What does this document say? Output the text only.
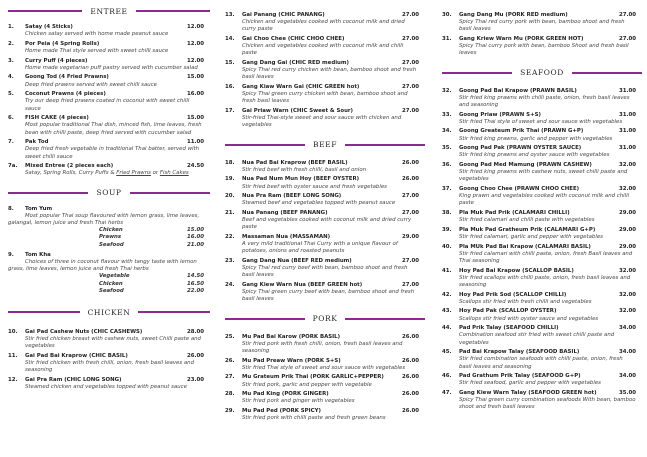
ENTREE
1.	Satay (4 Sticks)	12.00
Chicken satay served with home made peanut sauce
2.	Por Peia (4 Spring Rolls)	12.00
Home made Thai style served with sweet chilli sauce
3.	Curry Puff (4 pieces)	12.00
Home made vegetarian puff pastry served with cucumber salad
4.	Goong Tod (4 Fried Prawns)	15.00
Deep fried prawns served with sweet chilli sauce
5.	Coconut Prawns (4 pieces)	16.00
Try our deep fried prawns coated in coconut with sweet chilli sauce
6.	FISH CAKE (4 pieces)	15.00
Most popular traditional Thai dish, minced fish, lime leaves, fresh bean with chilli paste, deep fried served with cucumber salad
7.	Pak Tod	11.00
Deep fried fresh vegetable in traditional Thai batter, served with sweet chilli sauce
7a.	Mixed Entree (2 pieces each)	24.50
Satay, Spring Rolls, Curry Puffs & Fried Prawns or Fish Cakes
SOUP
8.	Tom Yum
Most popular Thai soup flavoured with lemon grass, lime leaves, galangal, lemon juice and fresh Thai herbs
Chicken	15.00
Prawns	16.00
Seafood	21.00
9.	Tom Kha
Choices of three in coconut flavour with tangy taste with lemon grass, lime leaves, lemon juice and fresh Thai herbs
Vegetable	14.50
Chicken	16.50
Seafood	22.00
CHICKEN
10.	Gai Pad Cashew Nuts (CHIC CASHEWS)	28.00
Stir fried chicken breast with cashew nuts, sweet Chilli paste and vegetables
11.	Gai Pad Bai Kraprow (CHIC BASIL)	26.00
Stir fried chicken with fresh chilli, onion, fresh basil leaves and seasoning
12.	Gai Pra Ram (CHIC LONG SONG)	23.00
Steamed chicken and vegetables topped with peanut sauce
13.	Gai Panang (CHIC PANANG)	27.00
Chicken and vegetables cooked with coconut milk and dried curry paste
14.	Gai Choo Chee (CHIC CHOO CHEE)	27.00
Chicken and vegetables cooked with coconut milk and chilli paste
15.	Gang Dang Gai (CHIC RED medium)	27.00
Spicy Thai red curry chicken with bean, bamboo shoot and fresh basil leaves
16.	Gang Kiaw Warn Gai (CHIC GREEN hot)	27.00
Spicy Thai green curry chicken with bean, bamboo shoot and fresh basil leaves
17.	Gai Priaw Warn (CHIC Sweet & Sour)	27.00
Stir-fried Thai-style sweet and sour sauce with chicken and vegetables
BEEF
18.	Nua Pad Bai Kraprow (BEEF BASIL)	26.00
Stir fried beef with fresh chilli, basil and onion
19.	Nua Pad Num Mun Hoy (BEEF OYSTER)	26.00
Stir fried beef with oyster sauce and fresh vegetables
20.	Nua Pra Ram (BEEF LONG SONG)	27.00
Steamed beef and vegetables topped with peanut sauce
21.	Nua Panang (BEEF PANANG)	27.00
Beef and vegetables cooked with coconut milk and dried curry paste
22.	Massaman Nua (MASSAMAN)	29.00
A very mild traditional Thai Curry with a unique flavour of potatoes, onions and roasted peanuts
23.	Gang Dang Nua (BEEF RED medium)	27.00
Spicy Thai red curry beef with bean, bamboo shoot and fresh basil leaves
24.	Gang Kiew Warn Nua (BEEF GREEN hot)	27.00
Spicy Thai green curry beef with bean, bamboo shoot and fresh basil leaves
PORK
25.	Mu Pad Bai Karow (PORK BASIL)	26.00
Stir fried pork with fresh chilli, onion, fresh basil leaves and seasoning
26.	Mu Pad Preaw Warn (PORK S+S)	26.00
Stir fried Thai style of sweet and sour sauce with vegetables
27.	Mu Grateum Prik Thai (PORK GARLIC+PEPPER)	26.00
Stir fried pork, garlic and pepper with vegetable
28.	Mu Pad King (PORK GINGER)	26.00
Stir fried pork and ginger with vegetables
29.	Mu Pad Ped (PORK SPICY)	26.00
Stir fried pork with chilli paste and fresh green beans
30.	Gang Dang Mu (PORK RED medium)	27.00
Spicy Thai red curry pork with bean, bamboo shoot and fresh basil leaves
31.	Gang Kriew Warn Mu (PORK GREEN HOT)	27.00
Spicy Thai curry pork with bean, bamboo Shoot and fresh basil leaves
SEAFOOD
32.	Goong Pad Bai Krapow (PRAWN BASIL)	31.00
Stir fried king prawns with chilli paste, onion, fresh basil leaves and seasoning
33.	Goong Priaw (PRAWN S+S)	31.00
Stir fried Thai style of sweet and sour sauce with vegetables
34.	Goong Greateum Prik Thai (PRAWN G+P)	31.00
Stir fried king prawns, garlic and pepper with vegetables
35.	Goong Pad Pak (PRAWN OYSTER SAUCE)	31.00
Stir fried king prawns and oyster sauce with vegetables
36.	Goong Pad Med Mamung (PRAWN CASHEW)	32.00
Stir fried king prawns with cashew nuts, sweet chilli paste and vegetables
37.	Goong Choo Chee (PRAWN CHOO CHEE)	32.00
King prawn and vegetables cooked with coconut milk and chilli paste
38.	Pla Muk Pad Prik (CALAMARI CHILLI)	29.00
Stir fried calamari and chilli paste with vegetables
39.	Pla Muk Pad Gratheum Prik (CALAMARI G+P)	29.00
Stir fried calamari, garlic and pepper with vegetables
40.	Pla MUk Pad Bai Krapow (CALAMARI BASIL)	29.00
Stir fried calamari with chilli paste, onion, fresh Basil leaves and Thai seasoning
41.	Hoy Pad Bai Krapow (SCALLOP BASIL)	32.00
Stir fried scallops with chilli paste, onion, fresh basil leaves and seasoning
42.	Hoy Pad Prik Sod (SCALLOP CHILLI)	32.00
Scallops stir fried with fresh chilli and vegetables
43.	Hoy Pad Pak (SCALLOP OYSTER)	32.00
Scallops stir fried with oyster sauce and vegetables
44.	Pad Prik Talay (SEAFOOD CHILLI)	34.00
Combination seafood stir fried with sweet chilli paste and vegetables
45.	Pad Bai Krapow Talay (SEAFOOD BASIL)	34.00
Stir fried combination seafoods with chilli paste, onion, fresh basil leaves and seasoning
46.	Pad Grathum Prik Talay (SEAFOOD G+P)	34.00
Stir fried seafood, garlic and pepper with vegetables
47.	Gang Kiew Warn Talay (SEAFOOD GREEN hot)	35.00
Spicy Thai green curry combination seafoods With bean, bamboo shoot and fresh basil leaves
